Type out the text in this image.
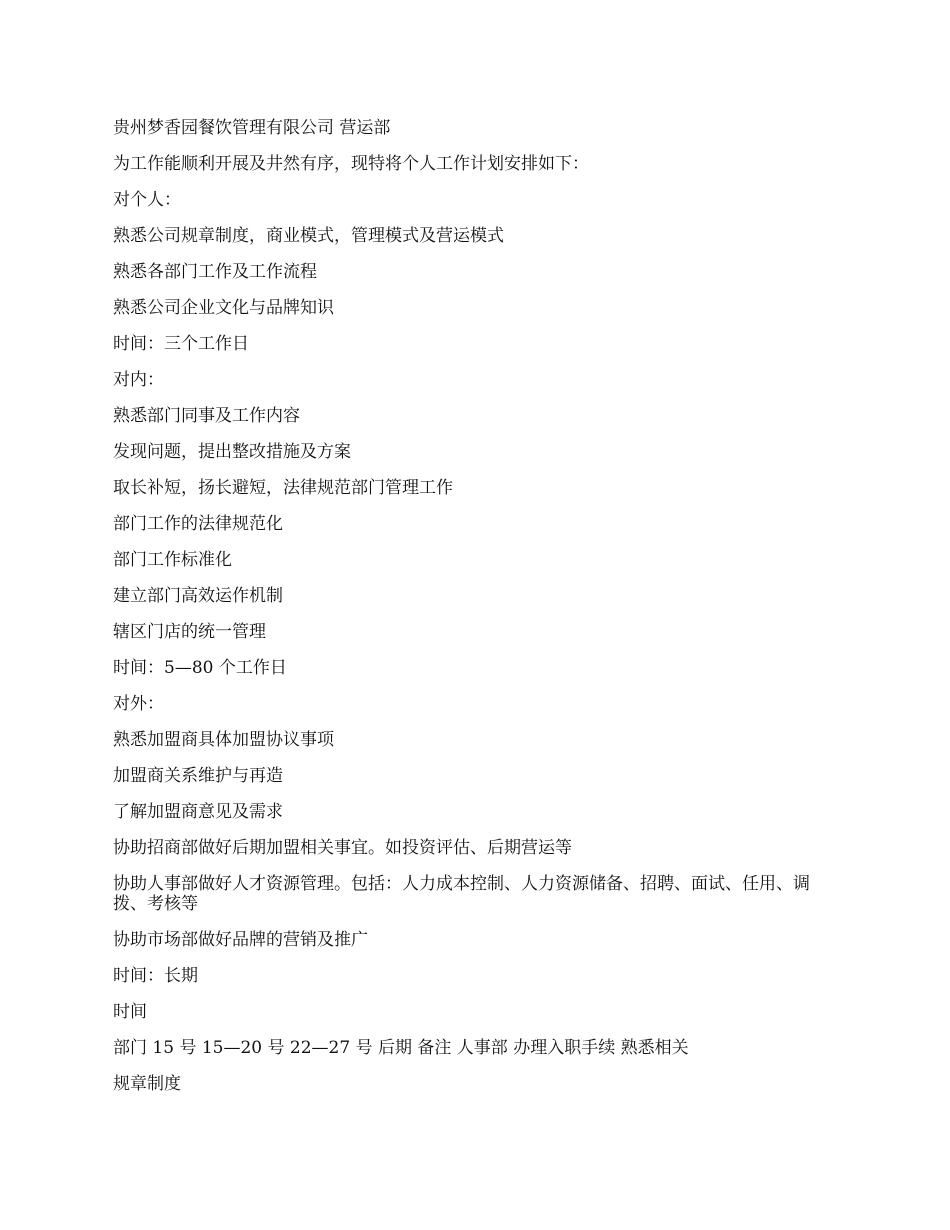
贵州梦香园餐饮管理有限公司 营运部

为工作能顺利开展及井然有序，现特将个人工作计划安排如下：

对个人：

熟悉公司规章制度，商业模式，管理模式及营运模式

熟悉各部门工作及工作流程

熟悉公司企业文化与品牌知识

时间：三个工作日

对内：

熟悉部门同事及工作内容

发现问题，提出整改措施及方案

取长补短，扬长避短，法律规范部门管理工作

部门工作的法律规范化

部门工作标准化

建立部门高效运作机制

辖区门店的统一管理

时间：5—80 个工作日

对外：

熟悉加盟商具体加盟协议事项

加盟商关系维护与再造

了解加盟商意见及需求

协助招商部做好后期加盟相关事宜。如投资评估、后期营运等

协助人事部做好人才资源管理。包括：人力成本控制、人力资源储备、招聘、面试、任用、调拨、考核等

协助市场部做好品牌的营销及推广

时间：长期

时间

部门 15 号 15—20 号 22—27 号 后期 备注 人事部 办理入职手续 熟悉相关

规章制度
